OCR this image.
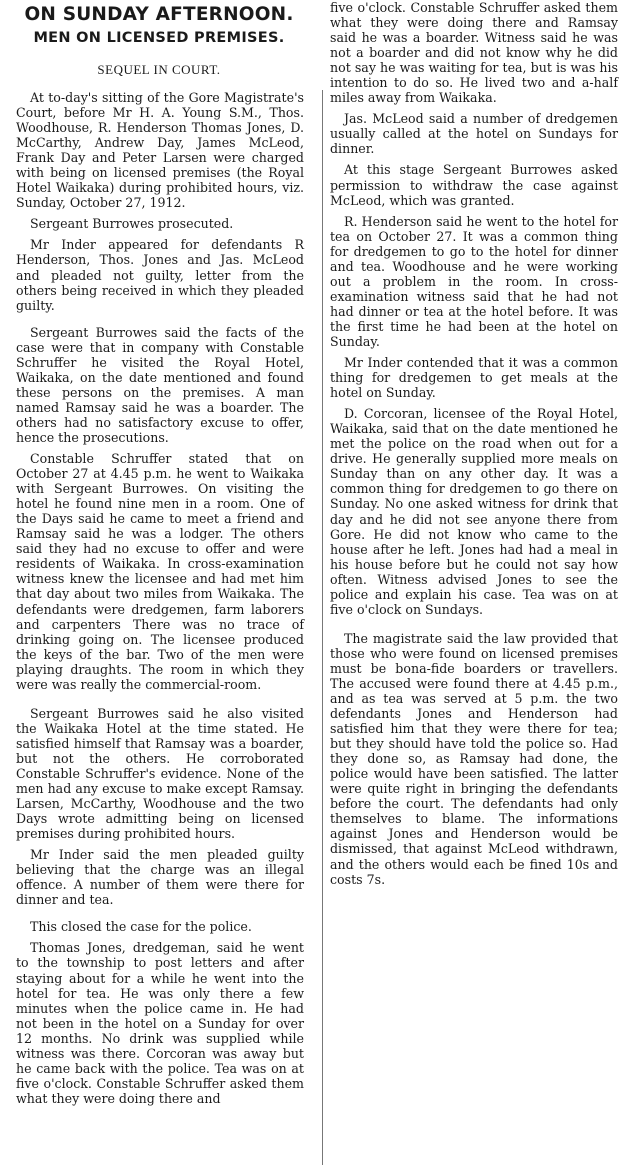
ON SUNDAY AFTERNOON.
MEN ON LICENSED PREMISES.
SEQUEL IN COURT.

At to-day's sitting of the Gore Magistrate's Court, before Mr H. A. Young S.M., Thos. Woodhouse, R. Henderson Thomas Jones, D. McCarthy, Andrew Day, James McLeod, Frank Day and Peter Larsen were charged with being on licensed premises (the Royal Hotel Waikaka) during prohibited hours, viz. Sunday, October 27, 1912.

Sergeant Burrowes prosecuted.

Mr Inder appeared for defendants R Henderson, Thos. Jones and Jas. McLeod and pleaded not guilty, letter from the others being received in which they pleaded guilty.

Sergeant Burrowes said the facts of the case were that in company with Constable Schruffer he visited the Royal Hotel, Waikaka, on the date mentioned and found these persons on the premises. A man named Ramsay said he was a boarder. The others had no satisfactory excuse to offer, hence the prosecutions.

Constable Schruffer stated that on October 27 at 4.45 p.m. he went to Waikaka with Sergeant Burrowes. On visiting the hotel he found nine men in a room. One of the Days said he came to meet a friend and Ramsay said he was a lodger. The others said they had no excuse to offer and were residents of Waikaka. In cross-examination witness knew the licensee and had met him that day about two miles from Waikaka. The defendants were dredgemen, farm laborers and carpenters There was no trace of drinking going on. The licensee produced the keys of the bar. Two of the men were playing draughts. The room in which they were was really the commercial-room.

Sergeant Burrowes said he also visited the Waikaka Hotel at the time stated. He satisfied himself that Ramsay was a boarder, but not the others. He corroborated Constable Schruffer's evidence. None of the men had any excuse to make except Ramsay. Larsen, McCarthy, Woodhouse and the two Days wrote admitting being on licensed premises during prohibited hours.

Mr Inder said the men pleaded guilty believing that the charge was an illegal offence. A number of them were there for dinner and tea.

This closed the case for the police.

Thomas Jones, dredgeman, said he went to the township to post letters and after staying about for a while he went into the hotel for tea. He was only there a few minutes when the police came in. He had not been in the hotel on a Sunday for over 12 months. No drink was supplied while witness was there. Corcoran was away but he came back with the police. Tea was on at five o'clock. Constable Schruffer asked them what they were doing there and

five o'clock. Constable Schruffer asked them what they were doing there and Ramsay said he was a boarder. Witness said he was not a boarder and did not know why he did not say he was waiting for tea, but is was his intention to do so. He lived two and a-half miles away from Waikaka.

Jas. McLeod said a number of dredgemen usually called at the hotel on Sundays for dinner.

At this stage Sergeant Burrowes asked permission to withdraw the case against McLeod, which was granted.

R. Henderson said he went to the hotel for tea on October 27. It was a common thing for dredgemen to go to the hotel for dinner and tea. Woodhouse and he were working out a problem in the room. In cross-examination witness said that he had not had dinner or tea at the hotel before. It was the first time he had been at the hotel on Sunday.

Mr Inder contended that it was a common thing for dredgemen to get meals at the hotel on Sunday.

D. Corcoran, licensee of the Royal Hotel, Waikaka, said that on the date mentioned he met the police on the road when out for a drive. He generally supplied more meals on Sunday than on any other day. It was a common thing for dredgemen to go there on Sunday. No one asked witness for drink that day and he did not see anyone there from Gore. He did not know who came to the house after he left. Jones had had a meal in his house before but he could not say how often. Witness advised Jones to see the police and explain his case. Tea was on at five o'clock on Sundays.

The magistrate said the law provided that those who were found on licensed premises must be bona-fide boarders or travellers. The accused were found there at 4.45 p.m., and as tea was served at 5 p.m. the two defendants Jones and Henderson had satisfied him that they were there for tea; but they should have told the police so. Had they done so, as Ramsay had done, the police would have been satisfied. The latter were quite right in bringing the defendants before the court. The defendants had only themselves to blame. The informations against Jones and Henderson would be dismissed, that against McLeod withdrawn, and the others would each be fined 10s and costs 7s.
